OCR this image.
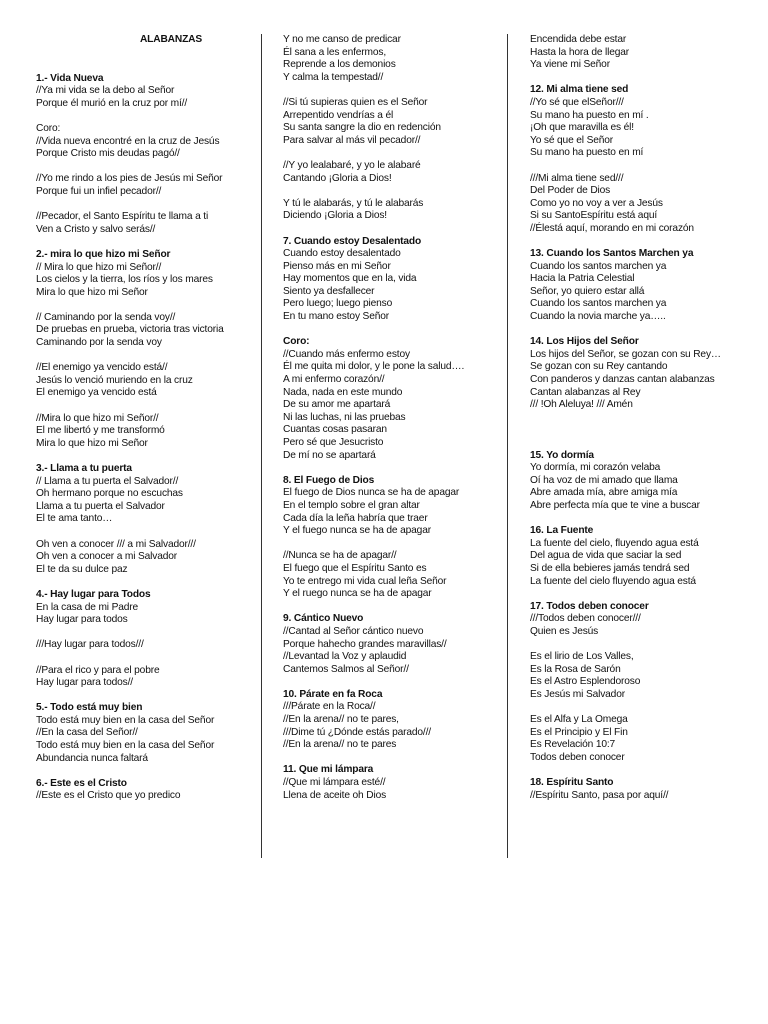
ALABANZAS
1.- Vida Nueva
//Ya mi vida se la debo al Señor
Porque él murió en la cruz por mí//
Coro:
//Vida nueva encontré en la cruz de Jesús
Porque Cristo mis deudas pagó//
//Yo me rindo a los pies de Jesús mi Señor
Porque fui un infiel pecador//
//Pecador, el Santo Espíritu te llama a ti
Ven a Cristo y salvo serás//
2.- mira lo que hizo mi Señor
// Mira lo que hizo mi Señor//
Los cielos y la tierra, los ríos y los mares
Mira lo que hizo mi Señor
// Caminando por la senda voy//
De pruebas en prueba, victoria tras victoria
Caminando por la senda voy
//El enemigo ya vencido está//
Jesús lo venció muriendo en la cruz
El enemigo ya vencido está
//Mira lo que hizo mi Señor//
El me libertó y me transformó
Mira lo que hizo mi Señor
3.- Llama a tu puerta
// Llama a tu puerta el Salvador//
Oh hermano porque no escuchas
Llama a tu puerta el Salvador
El te ama tanto…
Oh ven a conocer /// a mi Salvador///
Oh ven a conocer a mi Salvador
El te da su dulce paz
4.- Hay lugar para Todos
En la casa de mi Padre
Hay lugar para todos
///Hay lugar para todos///
//Para el rico y para el pobre
Hay lugar para todos//
5.- Todo está muy bien
Todo está muy bien en la casa del Señor
//En la casa del Señor//
Todo está muy bien en la casa del Señor
Abundancia nunca faltará
6.- Este es el Cristo
//Este es el Cristo que yo predico
Y no me canso de predicar
Él sana a les enfermos,
Reprende a los demonios
Y calma la tempestad//
//Si tú supieras quien es el Señor
Arrepentido vendrías a él
Su santa sangre la dio en redención
Para salvar al más vil pecador//
//Y yo lealabaré, y yo le alabaré
Cantando ¡Gloria a Dios!
Y tú le alabarás, y tú le alabarás
Diciendo ¡Gloria a Dios!
7. Cuando estoy Desalentado
Cuando estoy desalentado
Pienso más en mi Señor
Hay momentos que en la, vida
Siento ya desfallecer
Pero luego; luego pienso
En tu mano estoy Señor
Coro:
//Cuando más enfermo estoy
Él me quita mi dolor, y le pone la salud….
A mi enfermo corazón//
Nada, nada en este mundo
De su amor me apartará
Ni las luchas, ni las pruebas
Cuantas cosas pasaran
Pero sé que Jesucristo
De mí no se apartará
8. El Fuego de Dios
El fuego de Dios nunca se ha de apagar
En el templo sobre el gran altar
Cada día la leña habría que traer
Y el fuego nunca se ha de apagar
//Nunca se ha de apagar//
El fuego que el Espíritu Santo es
Yo te entrego mi vida cual leña Señor
Y el ruego nunca se ha de apagar
9. Cántico Nuevo
//Cantad al Señor cántico nuevo
Porque hahecho grandes maravillas//
//Levantad la Voz y aplaudid
Cantemos Salmos al Señor//
10. Párate en fa Roca
///Párate en la Roca//
//En la arena// no te pares,
///Dime tú ¿Dónde estás parado///
//En la arena// no te pares
11. Que mi lámpara
//Que mi lámpara esté//
Llena de aceite oh Dios
Encendida debe estar
Hasta la hora de llegar
Ya viene mi Señor
12. Mi alma tiene sed
//Yo sé que elSeñor///
Su mano ha puesto en mí .
¡Oh que maravilla es él!
Yo sé que el Señor
Su mano ha puesto en mí
///Mi alma tiene sed///
Del Poder de Dios
Como yo no voy a ver a Jesús
Si su SantoEspíritu está aquí
//Élestá aquí, morando en mi corazón
13. Cuando los Santos Marchen ya
Cuando los santos marchen ya
Hacia la Patria Celestial
Señor, yo quiero estar allá
Cuando los santos marchen ya
Cuando la novia marche ya…..
14. Los Hijos del Señor
Los hijos del Señor, se gozan con su Rey…
Se gozan con su Rey cantando
Con panderos y danzas cantan alabanzas
Cantan alabanzas al Rey
/// !Oh Aleluya! /// Amén
15. Yo dormía
Yo dormía, mi corazón velaba
Oí ha voz de mi amado que llama
Abre amada mía, abre amiga mía
Abre perfecta mía que te vine a buscar
16. La Fuente
La fuente del cielo, fluyendo agua está
Del agua de vida que saciar la sed
Si de ella bebieres jamás tendrá sed
La fuente del cielo fluyendo agua está
17. Todos deben conocer
///Todos deben conocer///
Quien es Jesús
Es el lirio de Los Valles,
Es la Rosa de Sarón
Es el Astro Esplendoroso
Es Jesús mi Salvador
Es el Alfa y La Omega
Es el Principio y El Fin
Es Revelación 10:7
Todos deben conocer
18. Espíritu Santo
//Espíritu Santo, pasa por aquí//
